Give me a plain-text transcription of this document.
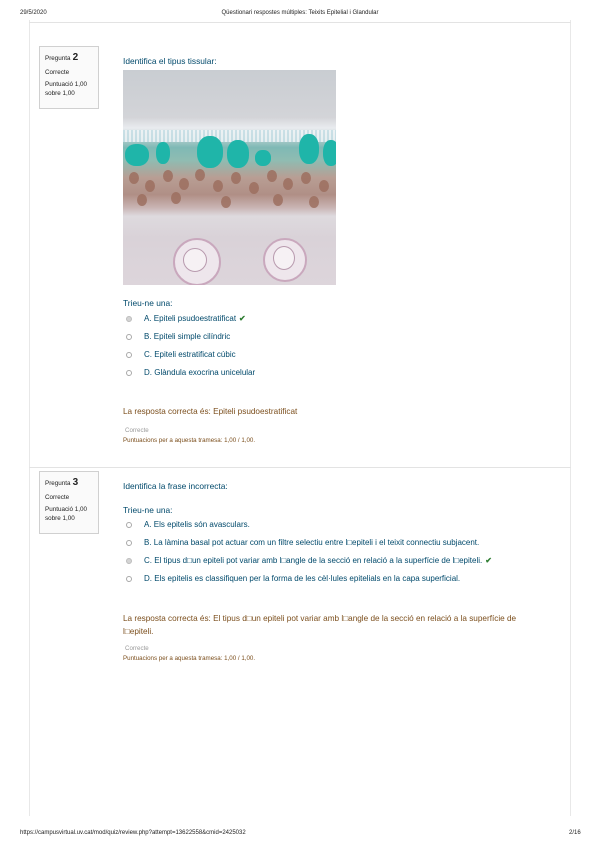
29/5/2020	Qüestionari respostes múltiples: Teixits Epitelial i Glandular
https://campusvirtual.uv.cat/mod/quiz/review.php?attempt=13622558&cmid=2425032	2/16
Pregunta 2
Correcte
Puntuació 1,00 sobre 1,00
Identifica el tipus tissular:
Trieu-ne una:
A. Epiteli psudoestratificat ✔
B. Epiteli simple cilíndric
C. Epiteli estratificat cúbic
D. Glàndula exocrina unicelular
La resposta correcta és: Epiteli psudoestratificat
Correcte
Puntuacions per a aquesta tramesa: 1,00 / 1,00.
Pregunta 3
Correcte
Puntuació 1,00 sobre 1,00
Identifica la frase incorrecta:
Trieu-ne una:
A. Els epitelis són avasculars.
B. La làmina basal pot actuar com un filtre selectiu entre l□epiteli i el teixit connectiu subjacent.
C. El tipus d□un epiteli pot variar amb l□angle de la secció en relació a la superfície de l□epiteli. ✔
D. Els epitelis es classifiquen per la forma de les cèl·lules epitelials en la capa superficial.
La resposta correcta és: El tipus d□un epiteli pot variar amb l□angle de la secció en relació a la superfície de
l□epiteli.
Correcte
Puntuacions per a aquesta tramesa: 1,00 / 1,00.
